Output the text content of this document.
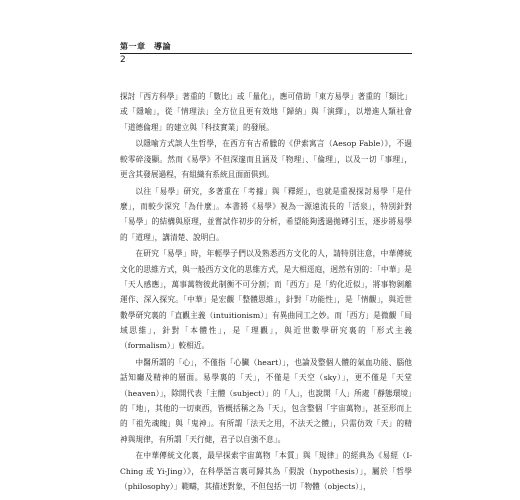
第一章　導論
2

探討「西方科學」著重的「數比」或「量化」，應可借助「東方易學」著重的「類比」或「隱喻」，從「情理法」全方位且更有效地「歸納」與「演繹」，以增進人類社會「道德倫理」的建立與「科技實業」的發展。

以隱喻方式談人生哲學，在西方有古希臘的《伊索寓言（Aesop Fable）》，不過較零碎淺顯。然而《易學》不但深邃而且涵及「物理」、「倫理」，以及一切「事理」，更含其發展過程，有組織有系統且面面俱到。

以往「易學」研究，多著重在「考據」與「釋經」，也就是重視探討易學「是什麼」，而較少深究「為什麼」。本書將《易學》視為一源遠流長的「活泉」，特別針對「易學」的結構與原理，並嘗試作初步的分析，希望能夠透過拋磚引玉，逐步將易學的「道理」，講清楚、說明白。

在研究「易學」時，年輕學子們以及熟悉西方文化的人，請特別注意，中華傳統文化的思維方式，與一般西方文化的思維方式，是大相逕庭，迥然有別的：「中華」是「天人感應」，萬事萬物彼此制衡不可分割；而「西方」是「約化近似」，將事物剝離運作、深入探究。「中華」是宏觀「整體思維」，針對「功能性」，是「情觀」，與近世數學研究裏的「直觀主義（intuitionism）」有異曲同工之妙。而「西方」是微觀「局域思維」，針對「本體性」，是「理觀」，與近世數學研究裏的「形式主義（formalism）」較相近。

中醫所謂的「心」，不僅指「心臟（heart）」，也論及整個人體的氣血功能、腦他話知廳及精神的層面。易學裏的「天」，不僅是「天空（sky）」，更不僅是「天堂（heaven）」，除開代表「主體（subject）」的「人」，也說開「人」所處「靜態環境」的「地」，其他的一切東西，皆概括稱之為「天」，包含整個「宇宙萬物」，甚至形而上的「祖先魂魄」與「鬼神」。有所謂「法天之用，不法天之體」，只需仿效「天」的精神與規律，有所謂「天行健，君子以自強不息」。

在中華傳統文化裏，最早探索宇宙萬物「本質」與「規律」的經典為《易經（I- Ching 或 Yi-Jing）》，在科學語言裏可歸其為「假說（hypothesis）」，屬於「哲學（philosophy）」範疇，其描述對象，不但包括一切「物體（objects）」，
